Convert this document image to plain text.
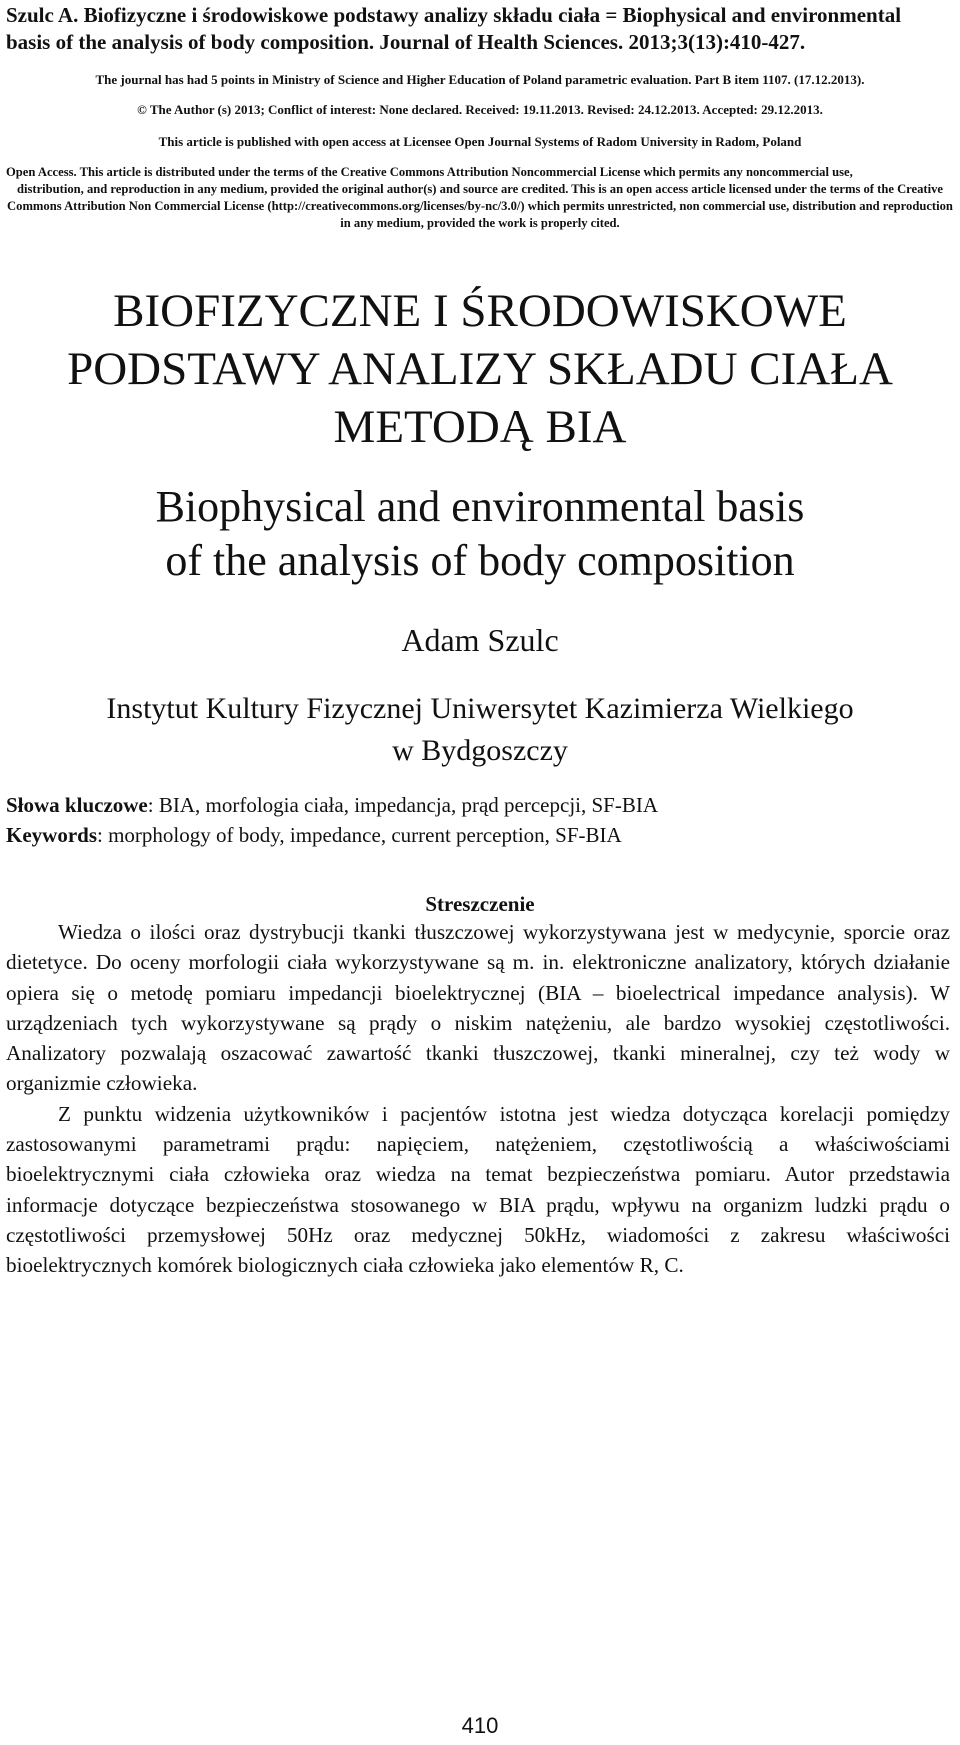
Szulc A. Biofizyczne i środowiskowe podstawy analizy składu ciała = Biophysical and environmental basis of the analysis of body composition. Journal of Health Sciences. 2013;3(13):410-427.
The journal has had 5 points in Ministry of Science and Higher Education of Poland parametric evaluation. Part B item 1107. (17.12.2013).
© The Author (s) 2013; Conflict of interest: None declared. Received: 19.11.2013. Revised: 24.12.2013. Accepted: 29.12.2013.
This article is published with open access at Licensee Open Journal Systems of Radom University in Radom, Poland
Open Access. This article is distributed under the terms of the Creative Commons Attribution Noncommercial License which permits any noncommercial use,
distribution, and reproduction in any medium, provided the original author(s) and source are credited. This is an open access article licensed under the terms of the Creative Commons Attribution Non Commercial License (http://creativecommons.org/licenses/by-nc/3.0/) which permits unrestricted, non commercial use, distribution and reproduction in any medium, provided the work is properly cited.
BIOFIZYCZNE I ŚRODOWISKOWE
PODSTAWY ANALIZY SKŁADU CIAŁA
METODĄ BIA
Biophysical and environmental basis
of the analysis of body composition
Adam Szulc
Instytut Kultury Fizycznej Uniwersytet Kazimierza Wielkiego
w Bydgoszczy
Słowa kluczowe: BIA, morfologia ciała, impedancja, prąd percepcji, SF-BIA
Keywords: morphology of body, impedance, current perception, SF-BIA
Streszczenie

Wiedza o ilości oraz dystrybucji tkanki tłuszczowej wykorzystywana jest w medycynie, sporcie oraz dietetyce. Do oceny morfologii ciała wykorzystywane są m. in. elektroniczne analizatory, których działanie opiera się o metodę pomiaru impedancji bioelektrycznej (BIA – bioelectrical impedance analysis). W urządzeniach tych wykorzystywane są prądy o niskim natężeniu, ale bardzo wysokiej częstotliwości. Analizatory pozwalają oszacować zawartość tkanki tłuszczowej, tkanki mineralnej, czy też wody w organizmie człowieka.

Z punktu widzenia użytkowników i pacjentów istotna jest wiedza dotycząca korelacji pomiędzy zastosowanymi parametrami prądu: napięciem, natężeniem, częstotliwością a właściwościami bioelektrycznymi ciała człowieka oraz wiedza na temat bezpieczeństwa pomiaru. Autor przedstawia informacje dotyczące bezpieczeństwa stosowanego w BIA prądu, wpływu na organizm ludzki prądu o częstotliwości przemysłowej 50Hz oraz medycznej 50kHz, wiadomości z zakresu właściwości bioelektrycznych komórek biologicznych ciała człowieka jako elementów R, C.

410
